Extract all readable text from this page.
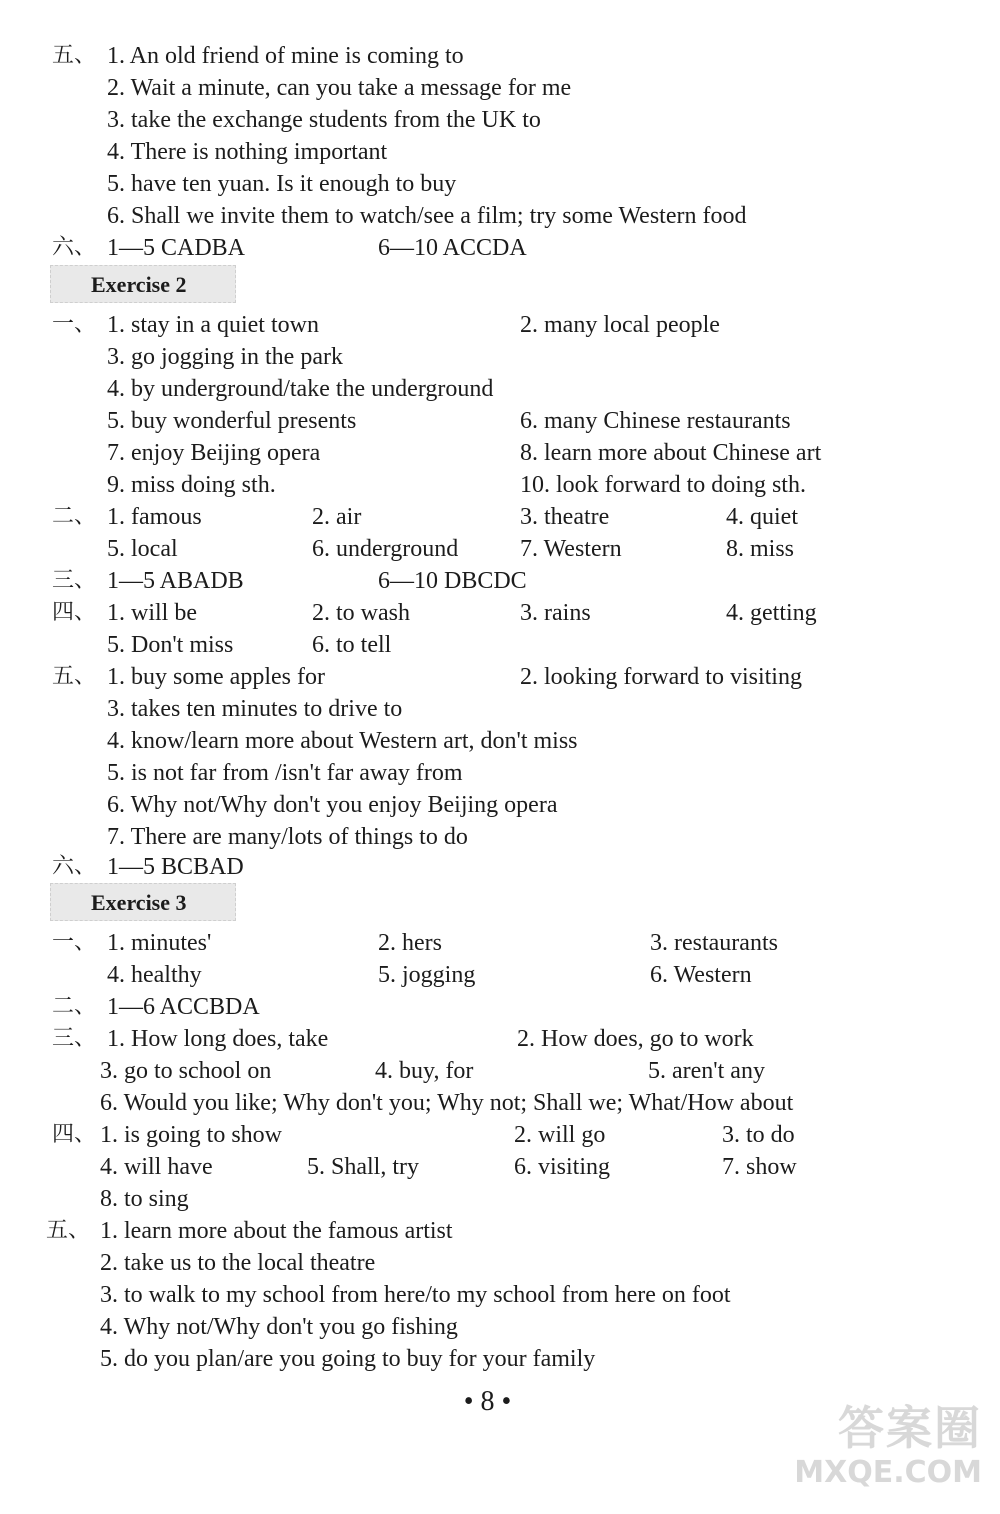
五、 1. An old friend of mine is coming to
2. Wait a minute, can you take a message for me
3. take the exchange students from the UK to
4. There is nothing important
5. have ten yuan. Is it enough to buy
6. Shall we invite them to watch/see a film; try some Western food
六、 1—5 CADBA	6—10 ACCDA
Exercise 2
一、 1. stay in a quiet town	2. many local people
3. go jogging in the park
4. by underground/take the underground
5. buy wonderful presents	6. many Chinese restaurants
7. enjoy Beijing opera	8. learn more about Chinese art
9. miss doing sth.	10. look forward to doing sth.
二、 1. famous	2. air	3. theatre	4. quiet
5. local	6. underground	7. Western	8. miss
三、 1—5 ABADB	6—10 DBCDC
四、 1. will be	2. to wash	3. rains	4. getting
5. Don't miss	6. to tell
五、 1. buy some apples for	2. looking forward to visiting
3. takes ten minutes to drive to
4. know/learn more about Western art, don't miss
5. is not far from /isn't far away from
6. Why not/Why don't you enjoy Beijing opera
7. There are many/lots of things to do
六、 1—5 BCBAD
Exercise 3
一、 1. minutes'	2. hers	3. restaurants
4. healthy	5. jogging	6. Western
二、 1—6 ACCBDA
三、 1. How long does, take	2. How does, go to work
3. go to school on	4. buy, for	5. aren't any
6. Would you like; Why don't you; Why not; Shall we; What/How about
四、 1. is going to show	2. will go	3. to do
4. will have	5. Shall, try	6. visiting	7. show
8. to sing
五、 1. learn more about the famous artist
2. take us to the local theatre
3. to walk to my school from here/to my school from here on foot
4. Why not/Why don't you go fishing
5. do you plan/are you going to buy for your family
• 8 •	答案圈
MXQE.COM
